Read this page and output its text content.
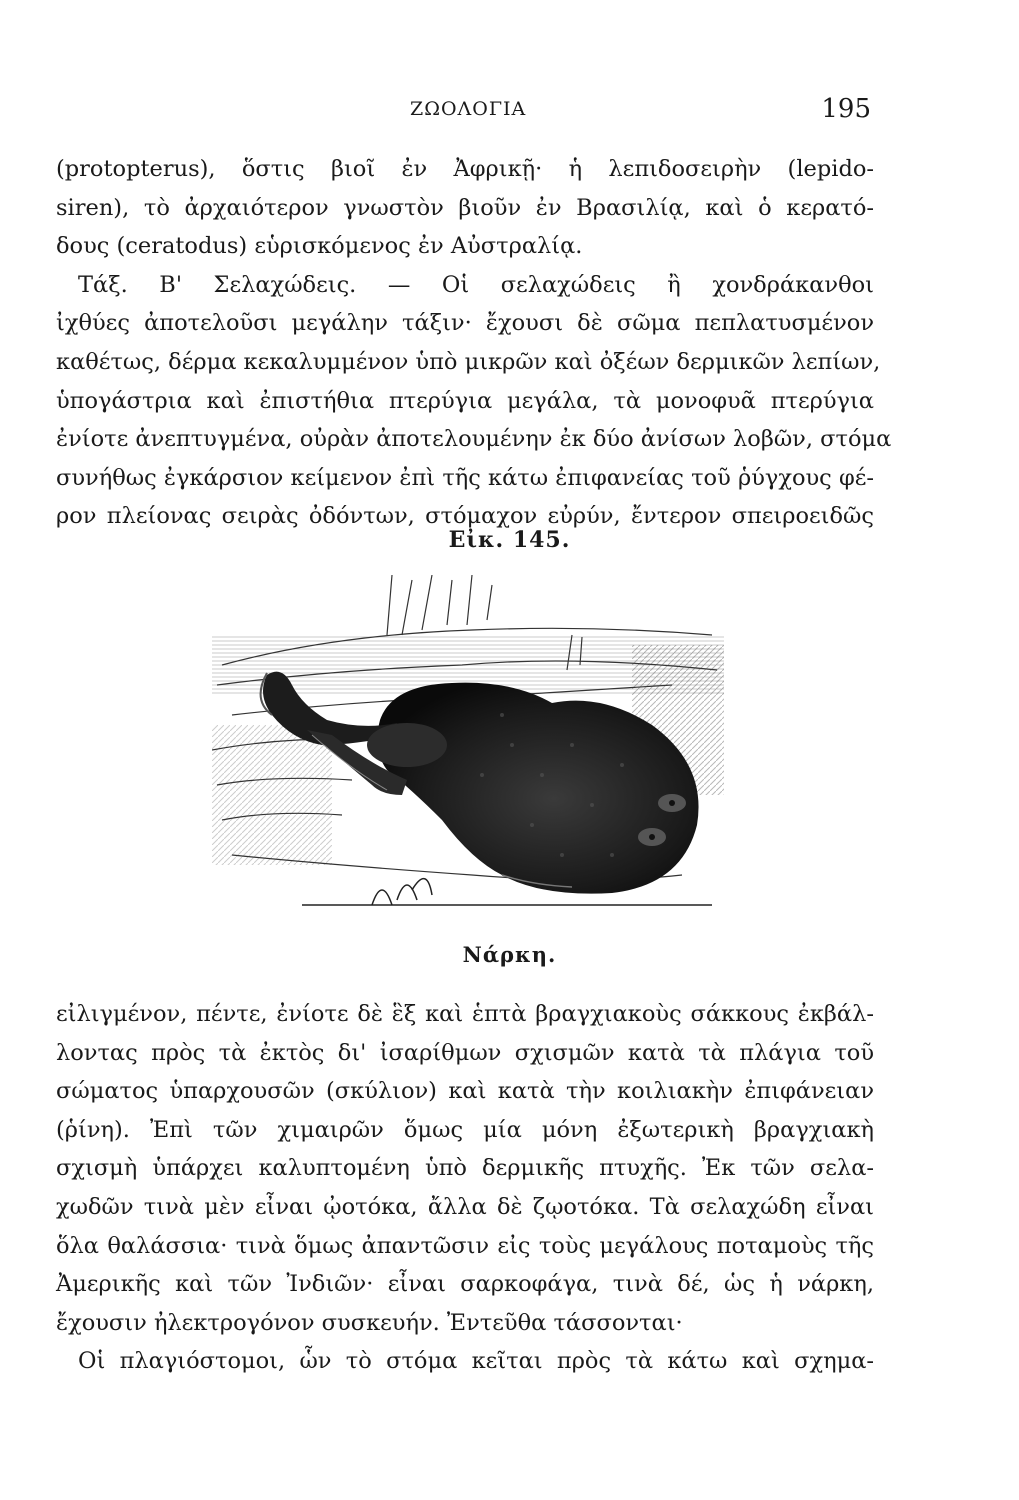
ΖΩΟΛΟΓΙΑ	195
(protopterus), ὅστις βιοῖ ἐν Ἀφρικῇ· ἡ λεπιδοσειρὴν (lepido-
siren), τὸ ἀρχαιότερον γνωστὸν βιοῦν ἐν Βρασιλίᾳ, καὶ ὁ κερατό-
δους (ceratodus) εὑρισκόμενος ἐν Αὐστραλίᾳ.
Τάξ. Β' Σελαχώδεις. — Οἱ σελαχώδεις ἢ χονδράκανθοι
ἰχθύες ἀποτελοῦσι μεγάλην τάξιν· ἔχουσι δὲ σῶμα πεπλατυσμένον
καθέτως, δέρμα κεκαλυμμένον ὑπὸ μικρῶν καὶ ὀξέων δερμικῶν λεπίων,
ὑπογάστρια καὶ ἐπιστήθια πτερύγια μεγάλα, τὰ μονοφυᾶ πτερύγια
ἐνίοτε ἀνεπτυγμένα, οὐρὰν ἀποτελουμένην ἐκ δύο ἀνίσων λοβῶν, στόμα
συνήθως ἐγκάρσιον κείμενον ἐπὶ τῆς κάτω ἐπιφανείας τοῦ ῥύγχους φέ-
ρον πλείονας σειρὰς ὀδόντων, στόμαχον εὐρύν, ἔντερον σπειροειδῶς
Εἰκ. 145.
Νάρκη.
εἰλιγμένον, πέντε, ἐνίοτε δὲ ἓξ καὶ ἑπτὰ βραγχιακοὺς σάκκους ἐκβάλ-
λοντας πρὸς τὰ ἐκτὸς δι' ἰσαρίθμων σχισμῶν κατὰ τὰ πλάγια τοῦ
σώματος ὑπαρχουσῶν (σκύλιον) καὶ κατὰ τὴν κοιλιακὴν ἐπιφάνειαν
(ῥίνη). Ἐπὶ τῶν χιμαιρῶν ὅμως μία μόνη ἐξωτερικὴ βραγχιακὴ
σχισμὴ ὑπάρχει καλυπτομένη ὑπὸ δερμικῆς πτυχῆς. Ἐκ τῶν σελα-
χωδῶν τινὰ μὲν εἶναι ᾠοτόκα, ἄλλα δὲ ζῳοτόκα. Τὰ σελαχώδη εἶναι
ὅλα θαλάσσια· τινὰ ὅμως ἀπαντῶσιν εἰς τοὺς μεγάλους ποταμοὺς τῆς
Ἀμερικῆς καὶ τῶν Ἰνδιῶν· εἶναι σαρκοφάγα, τινὰ δέ, ὡς ἡ νάρκη,
ἔχουσιν ἠλεκτρογόνον συσκευήν. Ἐντεῦθα τάσσονται·
Οἱ πλαγιόστομοι, ὧν τὸ στόμα κεῖται πρὸς τὰ κάτω καὶ σχημα-
